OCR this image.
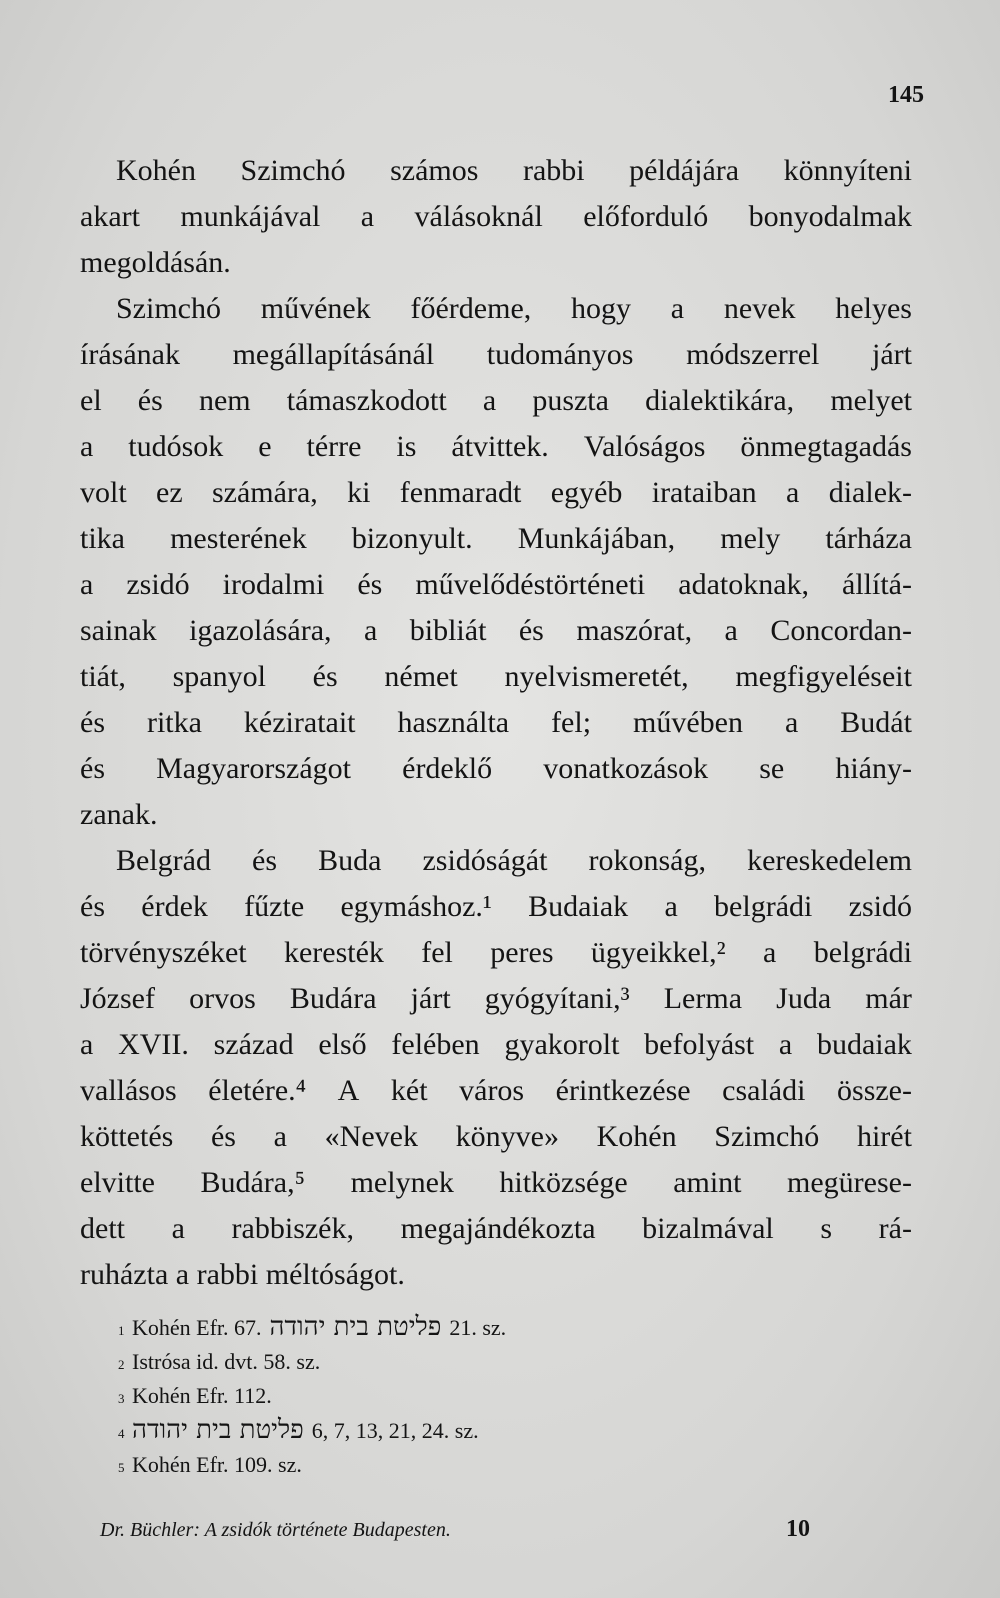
145
Kohén Szimchó számos rabbi példájára könnyíteni
akart munkájával a válásoknál előforduló bonyodalmak
megoldásán.
Szimchó művének főérdeme, hogy a nevek helyes
írásának megállapításánál tudományos módszerrel járt
el és nem támaszkodott a puszta dialektikára, melyet
a tudósok e térre is átvittek. Valóságos önmegtagadás
volt ez számára, ki fenmaradt egyéb irataiban a dialek-
tika mesterének bizonyult. Munkájában, mely tárháza
a zsidó irodalmi és művelődéstörténeti adatoknak, állítá-
sainak igazolására, a bibliát és maszórat, a Concordan-
tiát, spanyol és német nyelvismeretét, megfigyeléseit
és ritka kéziratait használta fel; művében a Budát
és Magyarországot érdeklő vonatkozások se hiány-
zanak.
Belgrád és Buda zsidóságát rokonság, kereskedelem
és érdek fűzte egymáshoz.¹ Budaiak a belgrádi zsidó
törvényszéket keresték fel peres ügyeikkel,² a belgrádi
József orvos Budára járt gyógyítani,³ Lerma Juda már
a XVII. század első felében gyakorolt befolyást a budaiak
vallásos életére.⁴ A két város érintkezése családi össze-
köttetés és a «Nevek könyve» Kohén Szimchó hirét
elvitte Budára,⁵ melynek hitközsége amint megürese-
dett a rabbiszék, megajándékozta bizalmával s rá-
ruházta a rabbi méltóságot.
1 Kohén Efr. 67. פליטת בית יהודה 21. sz.
2 Istrósa id. dvt. 58. sz.
3 Kohén Efr. 112.
4 פליטת בית יהודה 6, 7, 13, 21, 24. sz.
5 Kohén Efr. 109. sz.
Dr. Büchler: A zsidók története Budapesten.	10
